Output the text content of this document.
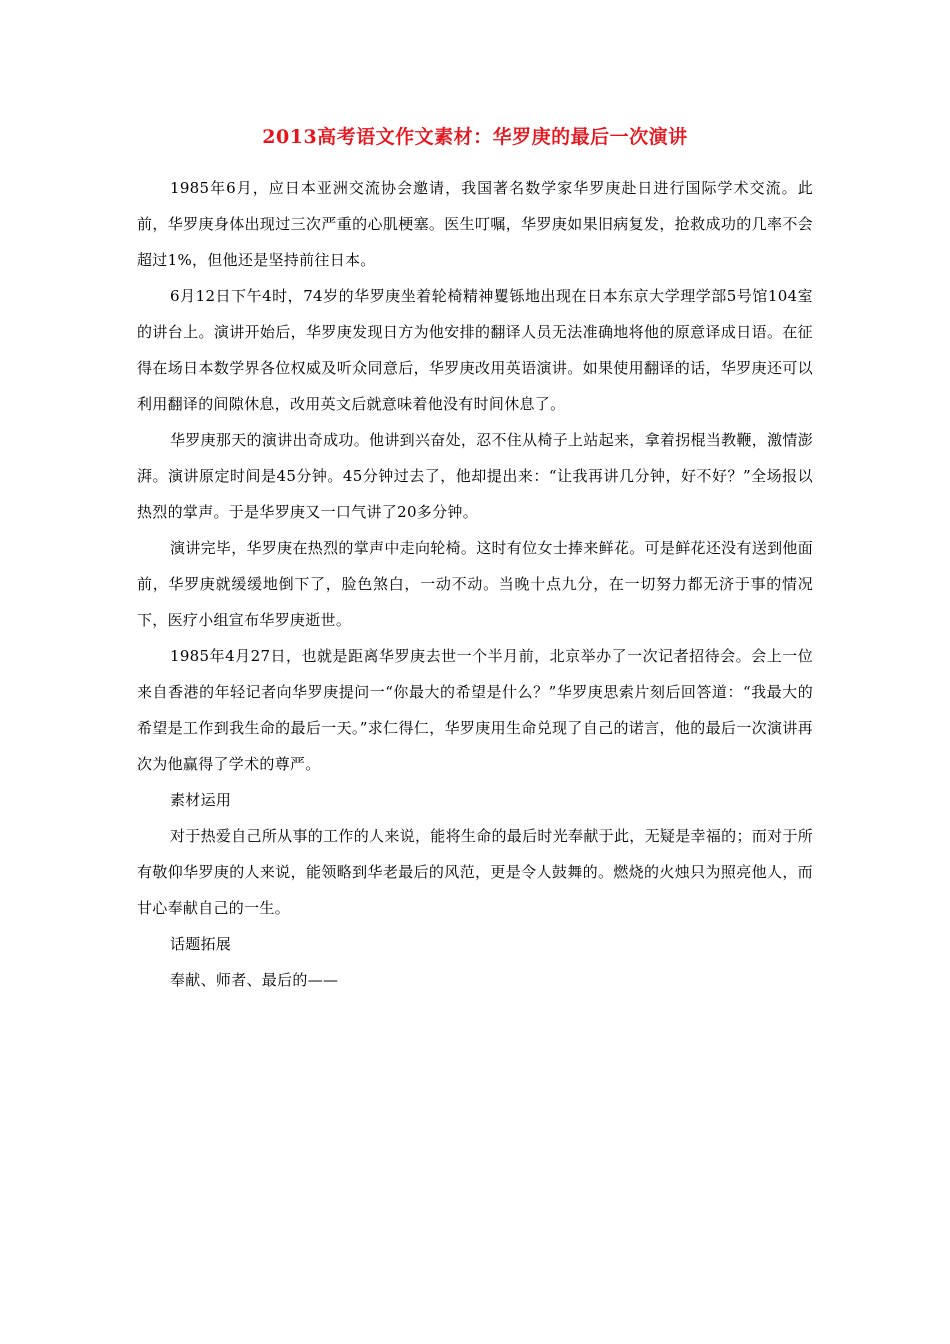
2013高考语文作文素材：华罗庚的最后一次演讲

1985年6月，应日本亚洲交流协会邀请，我国著名数学家华罗庚赴日进行国际学术交流。此前，华罗庚身体出现过三次严重的心肌梗塞。医生叮嘱，华罗庚如果旧病复发，抢救成功的几率不会超过1%，但他还是坚持前往日本。

6月12日下午4时，74岁的华罗庚坐着轮椅精神矍铄地出现在日本东京大学理学部5号馆104室的讲台上。演讲开始后，华罗庚发现日方为他安排的翻译人员无法准确地将他的原意译成日语。在征得在场日本数学界各位权威及听众同意后，华罗庚改用英语演讲。如果使用翻译的话，华罗庚还可以利用翻译的间隙休息，改用英文后就意味着他没有时间休息了。

华罗庚那天的演讲出奇成功。他讲到兴奋处，忍不住从椅子上站起来，拿着拐棍当教鞭，激情澎湃。演讲原定时间是45分钟。45分钟过去了，他却提出来：“让我再讲几分钟，好不好？”全场报以热烈的掌声。于是华罗庚又一口气讲了20多分钟。

演讲完毕，华罗庚在热烈的掌声中走向轮椅。这时有位女士捧来鲜花。可是鲜花还没有送到他面前，华罗庚就缓缓地倒下了，脸色煞白，一动不动。当晚十点九分，在一切努力都无济于事的情况下，医疗小组宣布华罗庚逝世。

1985年4月27日，也就是距离华罗庚去世一个半月前，北京举办了一次记者招待会。会上一位来自香港的年轻记者向华罗庚提问一“你最大的希望是什么？”华罗庚思索片刻后回答道：“我最大的希望是工作到我生命的最后一天。”求仁得仁，华罗庚用生命兑现了自己的诺言，他的最后一次演讲再次为他赢得了学术的尊严。

素材运用

对于热爱自己所从事的工作的人来说，能将生命的最后时光奉献于此，无疑是幸福的；而对于所有敬仰华罗庚的人来说，能领略到华老最后的风范，更是令人鼓舞的。燃烧的火烛只为照亮他人，而甘心奉献自己的一生。

话题拓展

奉献、师者、最后的——
